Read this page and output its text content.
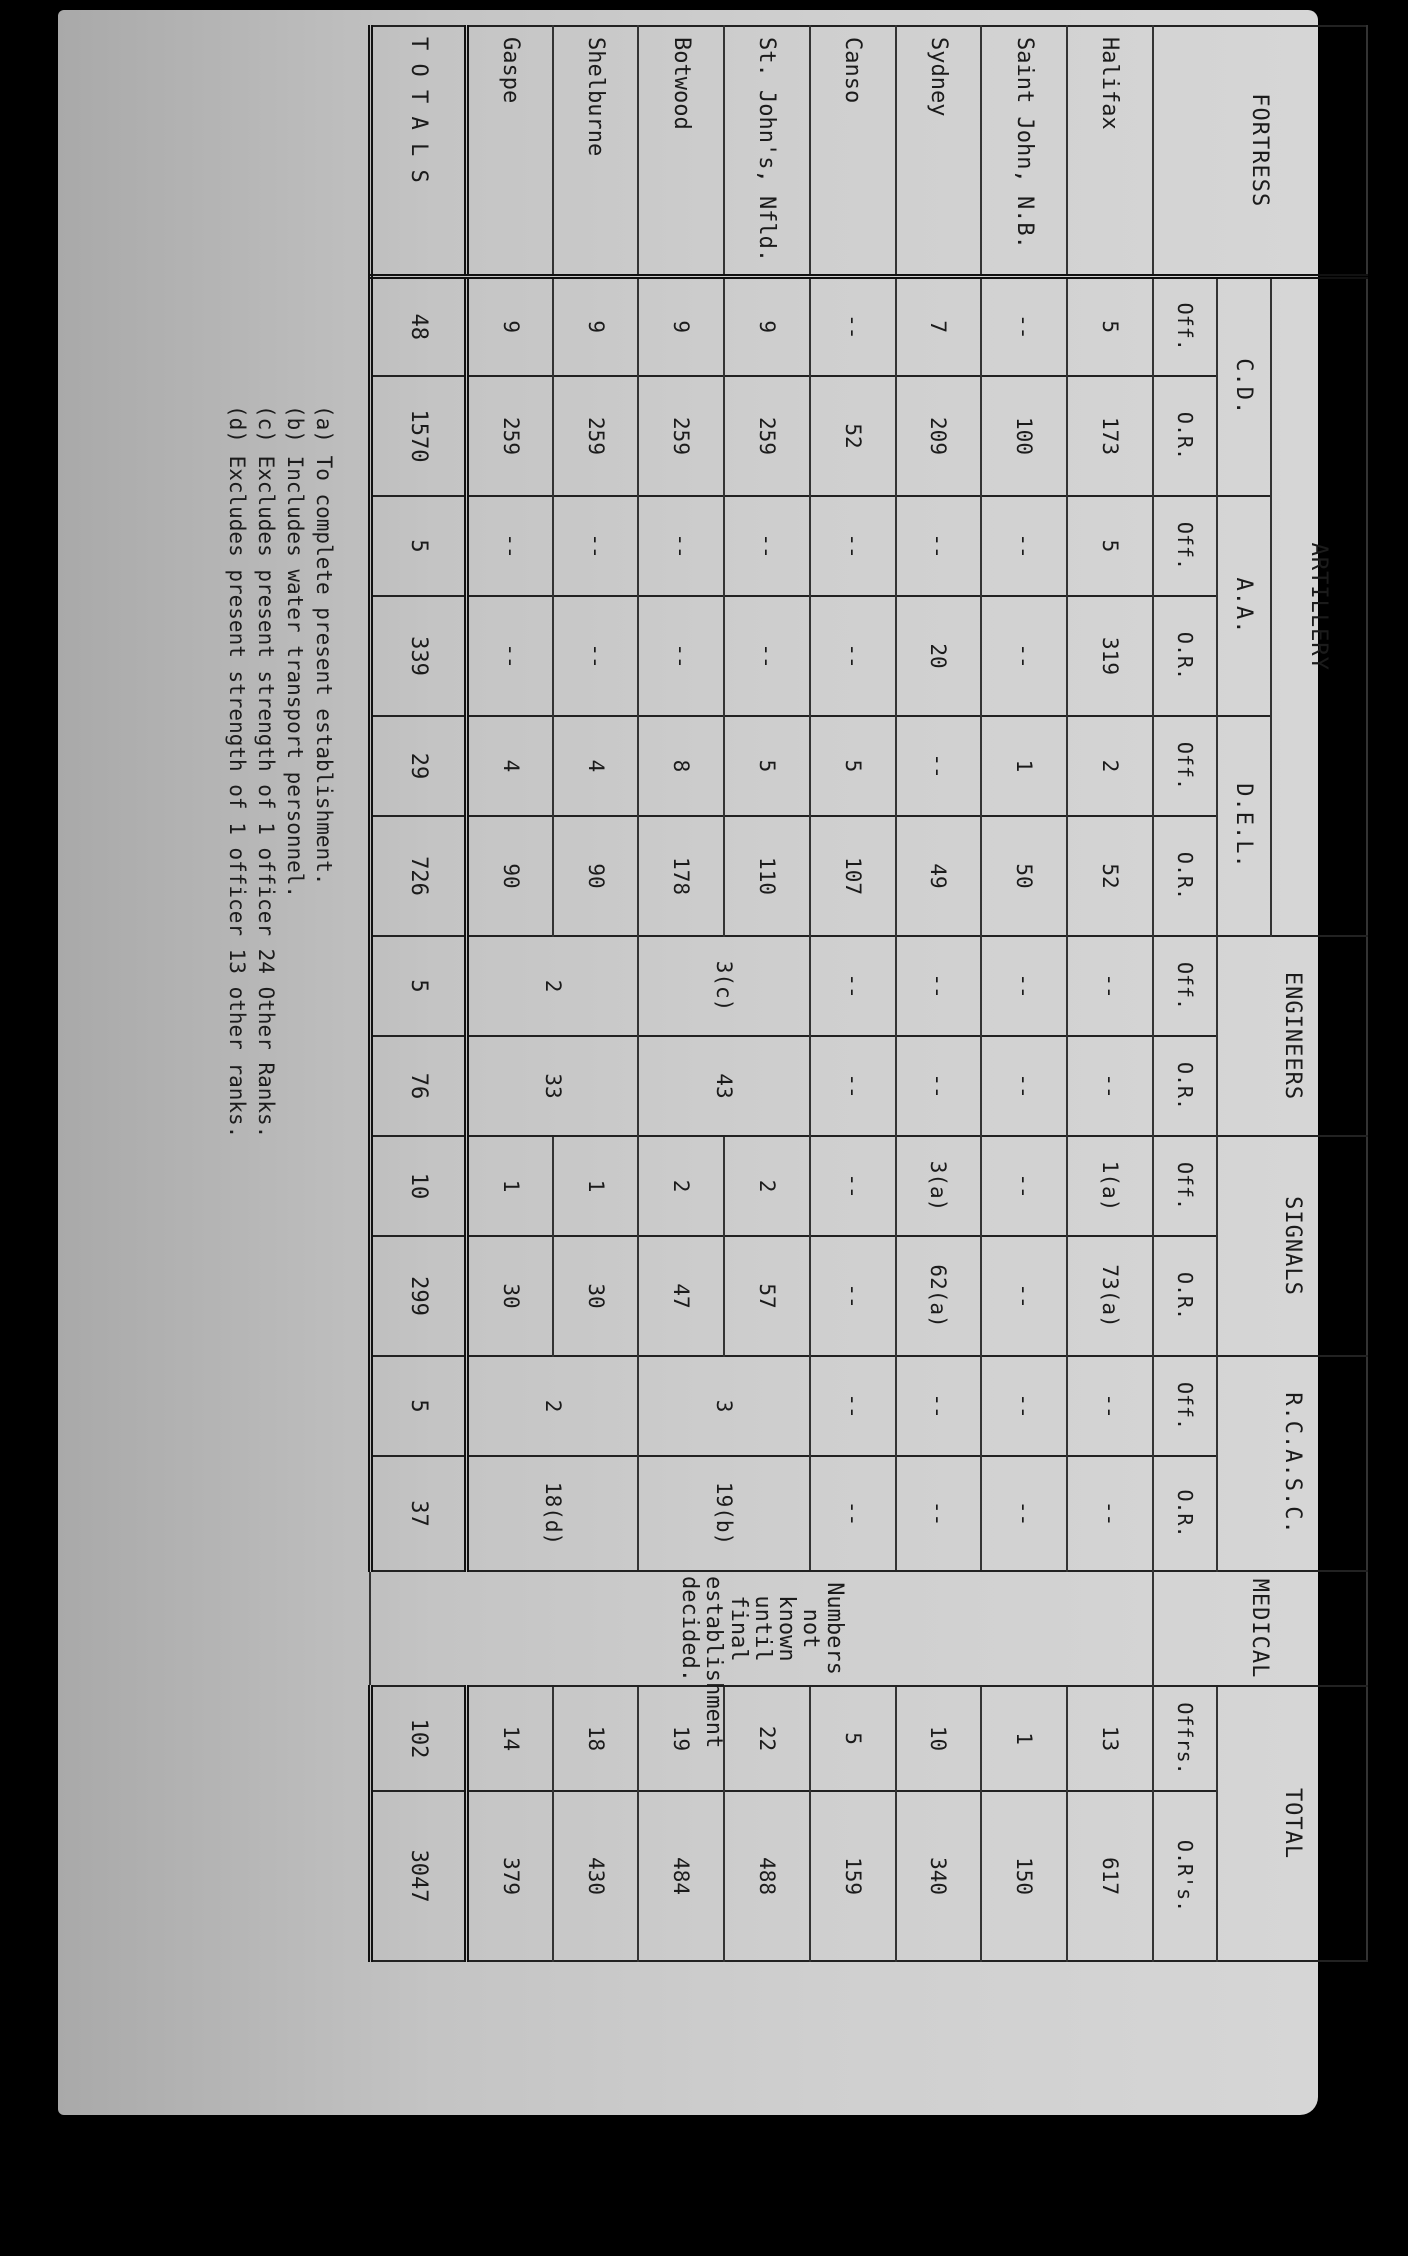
FORTRESS	ARTILLERY						ENGINEERS		SIGNALS		R.C.A.S.C.		MEDICAL	TOTAL	
	C.D.		A.A.		D.E.L.										
	Off.	O.R.	Off.	O.R.	Off.	O.R.	Off.	O.R.	Off.	O.R.	Off.	O.R.		Offrs.	O.R's.
Halifax	5	173	5	319	2	52	--	--	1(a)	73(a)	--	--	Numbers not known until final establishment decided.	13	617
Saint John, N.B.	--	100	--	--	1	50	--	--	--	--	--	--		1	150
Sydney	7	209	--	20	--	49	--	--	3(a)	62(a)	--	--		10	340
Canso	--	52	--	--	5	107	--	--	--	--	--	--		5	159
St. John's, Nfld.	9	259	--	--	5	110	3(c)	43	2	57	3	19(b)		22	488
Botwood	9	259	--	--	8	178			2	47				19	484
Shelburne	9	259	--	--	4	90	2	33	1	30	2	18(d)		18	430
Gaspe	9	259	--	--	4	90			1	30				14	379
T O T A L S	48	1570	5	339	29	726	5	76	10	299	5	37		102	3047
(a) To complete present establishment.
(b) Includes water transport personnel.
(c) Excludes present strength of 1 officer 24 Other Ranks.
(d) Excludes present strength of 1 officer 13 other ranks.
